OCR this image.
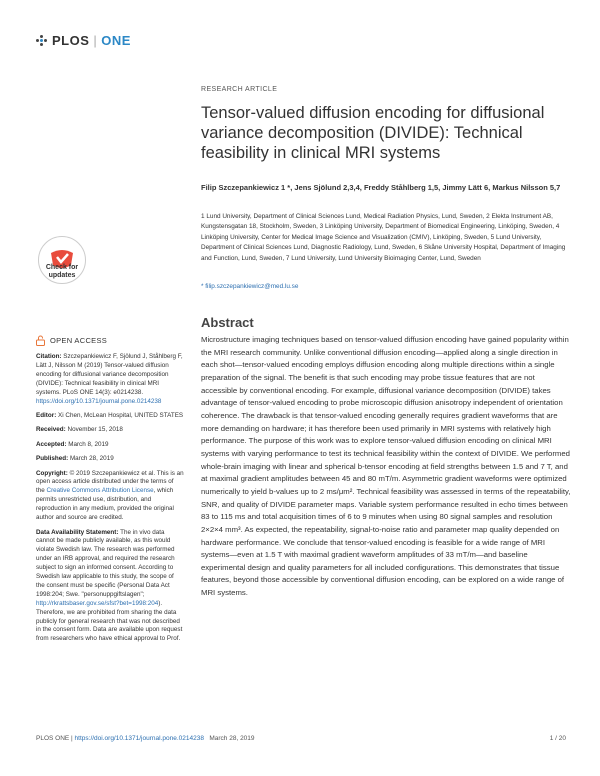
PLOS | ONE
Check for
updates
OPEN ACCESS

Citation: Szczepankiewicz F, Sjölund J, Ståhlberg F, Lätt J, Nilsson M (2019) Tensor-valued diffusion encoding for diffusional variance decomposition (DIVIDE): Technical feasibility in clinical MRI systems. PLoS ONE 14(3): e0214238. https://doi.org/10.1371/journal.pone.0214238

Editor: Xi Chen, McLean Hospital, UNITED STATES

Received: November 15, 2018

Accepted: March 8, 2019

Published: March 28, 2019

Copyright: © 2019 Szczepankiewicz et al. This is an open access article distributed under the terms of the Creative Commons Attribution License, which permits unrestricted use, distribution, and reproduction in any medium, provided the original author and source are credited.

Data Availability Statement: The in vivo data cannot be made publicly available, as this would violate Swedish law. The research was performed under an IRB approval, and required the research subject to sign an informed consent. According to Swedish law applicable to this study, the scope of the consent must be specific (Personal Data Act 1998:204; Swe. "personuppgiftslagen"; http://rkrattsbaser.gov.se/sfst?bet=1998:204). Therefore, we are prohibited from sharing the data publicly for general research that was not described in the consent form. Data are available upon request from researchers who have ethical approval to Prof.

RESEARCH ARTICLE
Tensor-valued diffusion encoding for diffusional variance decomposition (DIVIDE): Technical feasibility in clinical MRI systems
Filip Szczepankiewicz 1 *, Jens Sjölund 2,3,4, Freddy Ståhlberg 1,5, Jimmy Lätt 6, Markus Nilsson 5,7
1 Lund University, Department of Clinical Sciences Lund, Medical Radiation Physics, Lund, Sweden, 2 Elekta Instrument AB, Kungstensgatan 18, Stockholm, Sweden, 3 Linköping University, Department of Biomedical Engineering, Linköping, Sweden, 4 Linköping University, Center for Medical Image Science and Visualization (CMIV), Linköping, Sweden, 5 Lund University, Department of Clinical Sciences Lund, Diagnostic Radiology, Lund, Sweden, 6 Skåne University Hospital, Department of Imaging and Function, Lund, Sweden, 7 Lund University, Lund University Bioimaging Center, Lund, Sweden
* filip.szczepankiewicz@med.lu.se
Abstract
Microstructure imaging techniques based on tensor-valued diffusion encoding have gained popularity within the MRI research community. Unlike conventional diffusion encoding—applied along a single direction in each shot—tensor-valued encoding employs diffusion encoding along multiple directions within a single preparation of the signal. The benefit is that such encoding may probe tissue features that are not accessible by conventional encoding. For example, diffusional variance decomposition (DIVIDE) takes advantage of tensor-valued encoding to probe microscopic diffusion anisotropy independent of orientation coherence. The drawback is that tensor-valued encoding generally requires gradient waveforms that are more demanding on hardware; it has therefore been used primarily in MRI systems with relatively high performance. The purpose of this work was to explore tensor-valued diffusion encoding on clinical MRI systems with varying performance to test its technical feasibility within the context of DIVIDE. We performed whole-brain imaging with linear and spherical b-tensor encoding at field strengths between 1.5 and 7 T, and at maximal gradient amplitudes between 45 and 80 mT/m. Asymmetric gradient waveforms were optimized numerically to yield b-values up to 2 ms/μm². Technical feasibility was assessed in terms of the repeatability, SNR, and quality of DIVIDE parameter maps. Variable system performance resulted in echo times between 83 to 115 ms and total acquisition times of 6 to 9 minutes when using 80 signal samples and resolution 2×2×4 mm³. As expected, the repeatability, signal-to-noise ratio and parameter map quality depended on hardware performance. We conclude that tensor-valued encoding is feasible for a wide range of MRI systems—even at 1.5 T with maximal gradient waveform amplitudes of 33 mT/m—and baseline experimental design and quality parameters for all included configurations. This demonstrates that tissue features, beyond those accessible by conventional diffusion encoding, can be explored on a wide range of MRI systems.
PLOS ONE | https://doi.org/10.1371/journal.pone.0214238 March 28, 2019	1 / 20
